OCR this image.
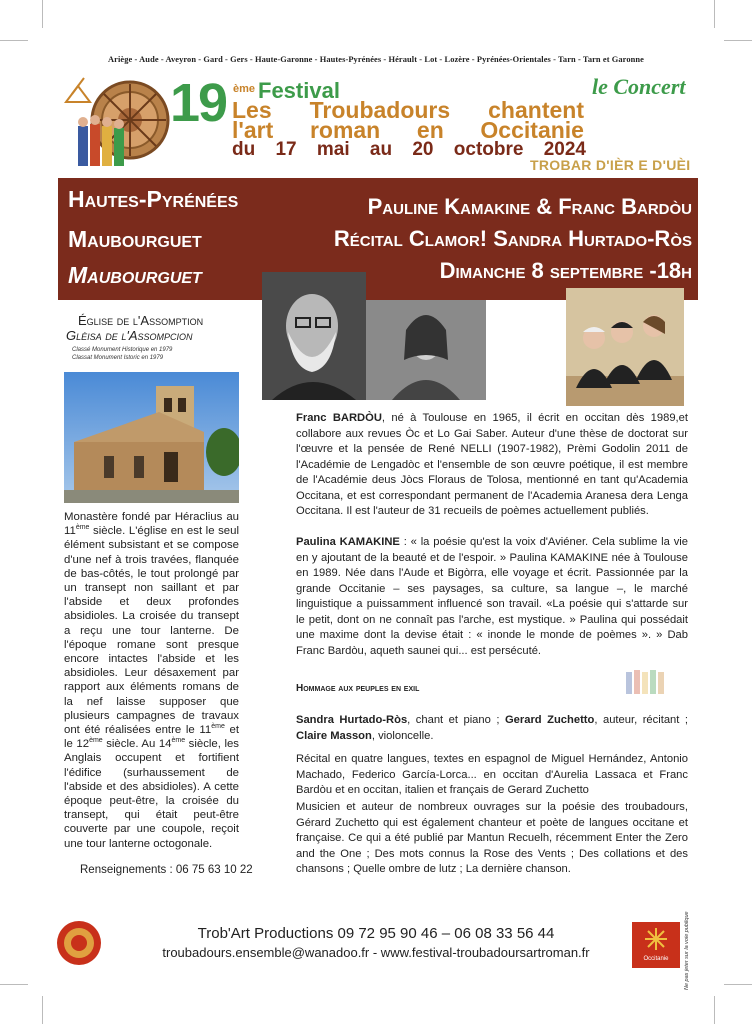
Ariège - Aude - Aveyron - Gard - Gers - Haute-Garonne - Hautes-Pyrénées - Hérault - Lot - Lozère - Pyrénées-Orientales - Tarn - Tarn et Garonne
19 ème Festival
Les Troubadours chantent
l'art roman en Occitanie
du 17 mai au 20 octobre 2024
le Concert
TROBAR D'IÈR E D'UÈI
Hautes-Pyrénées
Maubourguet
Maubourguet
Pauline Kamakine & Franc Bardòu
Récital Clamor! Sandra Hurtado-Ròs
Dimanche 8 septembre -18h
Église de l'Assomption
Glèisa de l'Assompcion
Classé Monument Historique en 1979
Classat Monument Istoric en 1979
Monastère fondé par Héraclius au 11ème siècle. L'église en est le seul élément subsistant et se compose d'une nef à trois travées, flanquée de bas-côtés, le tout prolongé par un transept non saillant et par l'abside et deux profondes absidioles. La croisée du transept a reçu une tour lanterne. De l'époque romane sont presque encore intactes l'abside et les absidioles. Leur désaxement par rapport aux éléments romans de la nef laisse supposer que plusieurs campagnes de travaux ont été réalisées entre le 11ème et le 12ème siècle. Au 14ème siècle, les Anglais occupent et fortifient l'édifice (surhaussement de l'abside et des absidioles). A cette époque peut-être, la croisée du transept, qui était peut-être couverte par une coupole, reçoit une tour lanterne octogonale.
Renseignements : 06 75 63 10 22
Franc BARDÒU, né à Toulouse en 1965, il écrit en occitan dès 1989,et collabore aux revues Òc et Lo Gai Saber. Auteur d'une thèse de doctorat sur l'œuvre et la pensée de René NELLI (1907-1982), Prèmi Godolin 2011 de l'Académie de Lengadòc et l'ensemble de son œuvre poétique, il est membre de l'Académie deus Jòcs Floraus de Tolosa, mentionné en tant qu'Academia Occitana, et est correspondant permanent de l'Academia Aranesa dera Lenga Occitana. Il est l'auteur de 31 recueils de poèmes actuellement publiés.
Paulina KAMAKINE : « la poésie qu'est la voix d'Aviéner. Cela sublime la vie en y ajoutant de la beauté et de l'espoir. » Paulina KAMAKINE née à Toulouse en 1989. Née dans l'Aude et Bigòrra, elle voyage et écrit. Passionnée par la grande Occitanie – ses paysages, sa culture, sa langue –, le marché linguistique a puissamment influencé son travail. «La poésie qui s'attarde sur le petit, dont on ne connaît pas l'arche, est mystique. » Paulina qui possédait une maxime dont la devise était : « inonde le monde de poèmes ». » Dab Franc Bardòu, aqueth saunei qui... est persécuté.
Hommage aux peuples en exil
Sandra Hurtado-Ròs, chant et piano ; Gerard Zuchetto, auteur, récitant ; Claire Masson, violoncelle.
Récital en quatre langues, textes en espagnol de Miguel Hernández, Antonio Machado, Federico García-Lorca... en occitan d'Aurelia Lassaca et Franc Bardòu et en occitan, italien et français de Gerard Zuchetto
Musicien et auteur de nombreux ouvrages sur la poésie des troubadours, Gérard Zuchetto qui est également chanteur et poète de langues occitane et française. Ce qui a été publié par Mantun Recuelh, récemment Enter the Zero and the One ; Des mots connus la Rose des Vents ; Des collations et des chansons ; Quelle ombre de lutz ; La dernière chanson.
Trob'Art Productions 09 72 95 90 46 – 06 08 33 56 44
troubadours.ensemble@wanadoo.fr - www.festival-troubadoursartroman.fr	Occitanie	Ne pas jeter sur la voie publique
